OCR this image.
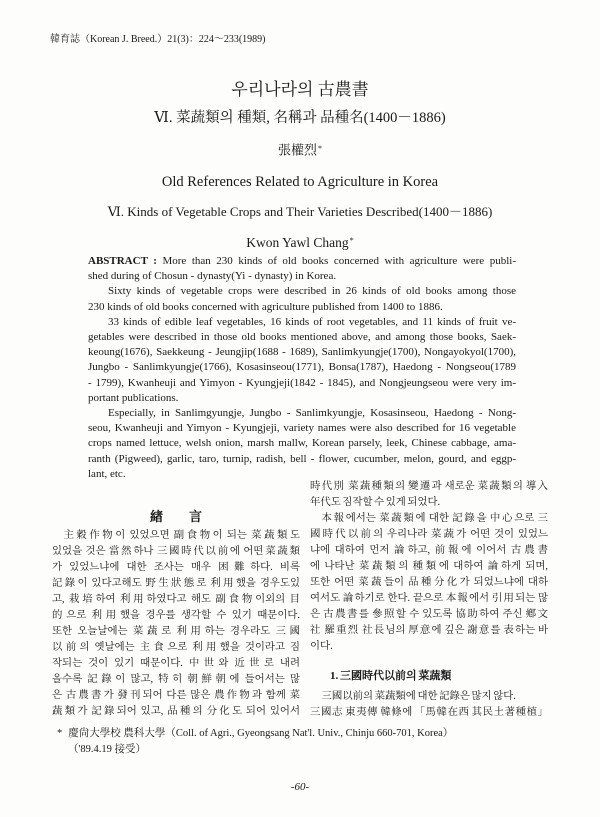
韓育誌（Korean J. Breed.）21(3)：224～233(1989)
우리나라의 古農書
Ⅵ. 菜蔬類의 種類, 名稱과 品種名(1400－1886)
張權烈*
Old References Related to Agriculture in Korea
Ⅵ. Kinds of Vegetable Crops and Their Varieties Described(1400－1886)
Kwon Yawl Chang*
ABSTRACT : More than 230 kinds of old books concerned with agriculture were publi-
shed during of Chosun - dynasty(Yi - dynasty) in Korea.
Sixty kinds of vegetable crops were described in 26 kinds of old books among those
230 kinds of old books concerned with agriculture published from 1400 to 1886.
33 kinds of edible leaf vegetables, 16 kinds of root vegetables, and 11 kinds of fruit ve-
getables were described in those old books mentioned above, and among those books, Saek-
keoung(1676), Saekkeung - Jeungjip(1688 - 1689), Sanlimkyungje(1700), Nongayokyol(1700),
Jungbo - Sanlimkyungje(1766), Kosasinseou(1771), Bonsa(1787), Haedong - Nongseou(1789
- 1799), Kwanheuji and Yimyon - Kyungjeji(1842 - 1845), and Nongjeungseou were very im-
portant publications.
Especially, in Sanlimgyungje, Jungbo - Sanlimkyungje, Kosasinseou, Haedong - Nong-
seou, Kwanheuji and Yimyon - Kyungjeji, variety names were also described for 16 vegetable
crops named lettuce, welsh onion, marsh mallw, Korean parsely, leek, Chinese cabbage, ama-
ranth (Pigweed), garlic, taro, turnip, radish, bell - flower, cucumber, melon, gourd, and eggp-
lant, etc.
緖　　言
主穀作物이 있었으면 副食物이 되는 菜蔬類도
있었을 것은 當然하나 三國時代以前에 어떤菜蔬類
가 있었느냐에 대한 조사는 매우 困難하다. 비록
記錄이 있다고해도 野生狀態로 利用했을 경우도있
고, 栽培하여 利用하였다고 해도 副食物이외의 目
的으로 利用했을 경우를 생각할 수 있기 때문이다.
또한 오늘날에는 菜蔬로 利用하는 경우라도 三國
以前의 옛날에는 主食으로 利用했을 것이라고 짐
작되는 것이 있기 때문이다. 中世와 近世로 내려
올수록 記錄이 많고, 特히 朝鮮朝에 들어서는 많
은 古農書가 發刊되어 다른 많은 農作物과 함께 菜
蔬類가 記錄되어 있고, 品種의 分化도 되어 있어서
時代別 菜蔬種類의 變遷과 새로운 菜蔬類의 導入
年代도 짐작할 수 있게 되었다.
本報에서는 菜蔬類에 대한 記錄을 中心으로 三
國時代以前의 우리나라 菜蔬가 어떤 것이 있었느
냐에 대하여 먼저 論하고, 前報에 이어서 古農書
에 나타난 菜蔬類의 種類에 대하여 論하게 되며,
또한 어떤 菜蔬들이 品種分化가 되었느냐에 대하
여서도 論하기로 한다. 끝으로 本報에서 引用되는 많
은 古農書를 參照할 수 있도록 協助하여 주신 鄕文
社 羅重烈 社長님의 厚意에 깊은 謝意를 表하는 바
이다.
1. 三國時代以前의 菜蔬類
三國以前의 菜蔬類에 대한 記錄은 많지 않다.
三國志 東夷傳 韓條에 「馬韓在西 其民土著種植」
* 慶尙大學校 農科大學（Coll. of Agri., Gyeongsang Nat'l. Univ., Chinju 660-701, Korea）
（'89.4.19 接受）
-60-
